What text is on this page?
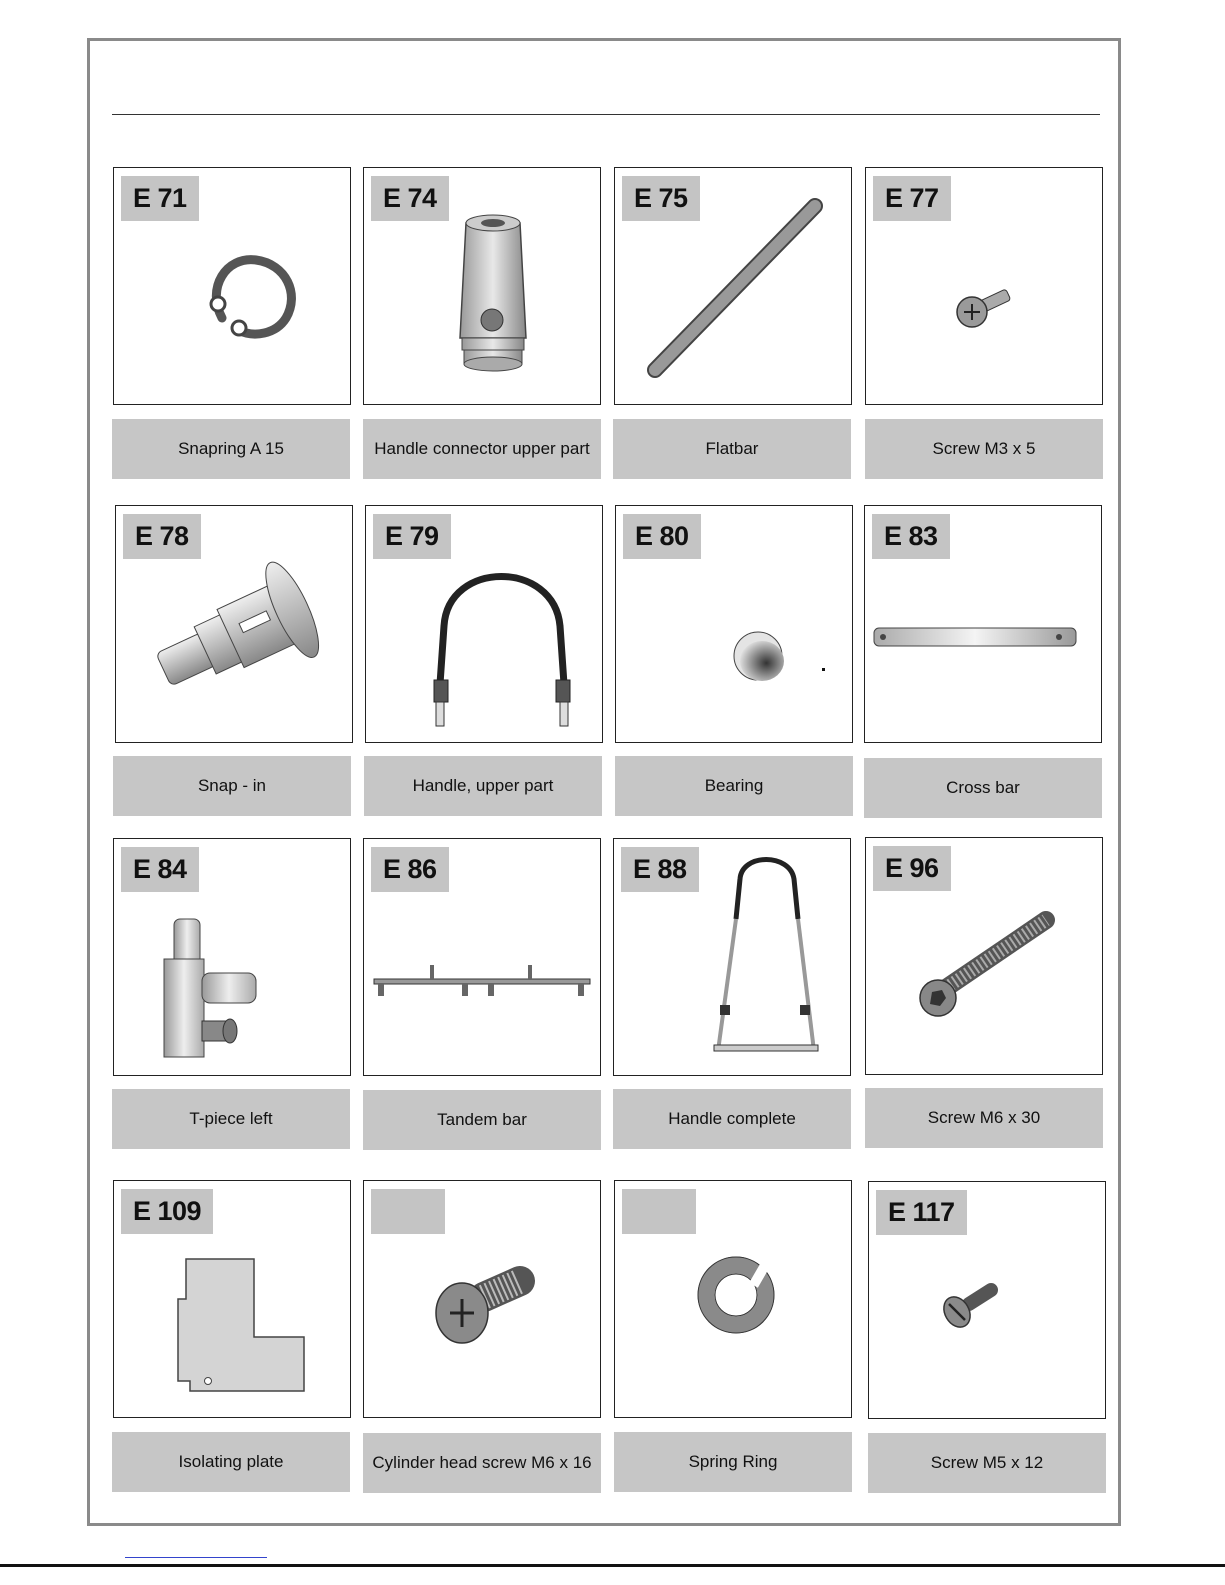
E 71	E 74	E 75	E 77
Snapring A 15	Handle connector upper part	Flatbar	Screw M3 x 5
E 78	E 79	E 80	E 83
Snap - in	Handle, upper part	Bearing	Cross bar
E 84	E 86	E 88	E 96
T-piece left	Tandem bar	Handle complete	Screw M6 x 30
E 109	E 117
Isolating plate	Cylinder head screw M6 x 16	Spring Ring	Screw M5 x 12
